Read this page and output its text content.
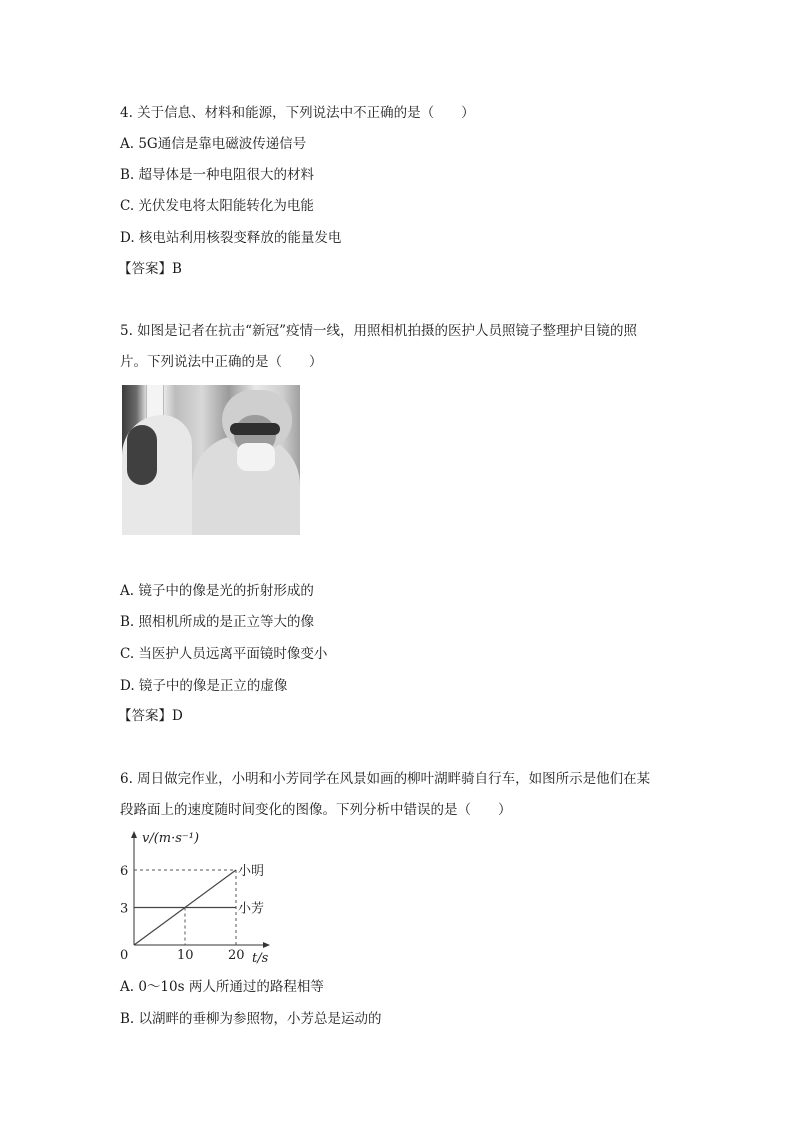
4. 关于信息、材料和能源，下列说法中不正确的是（　　）
A. 5G通信是靠电磁波传递信号
B. 超导体是一种电阻很大的材料
C. 光伏发电将太阳能转化为电能
D. 核电站利用核裂变释放的能量发电
【答案】B
5. 如图是记者在抗击“新冠”疫情一线，用照相机拍摄的医护人员照镜子整理护目镜的照
片。下列说法中正确的是（　　）
A. 镜子中的像是光的折射形成的
B. 照相机所成的是正立等大的像
C. 当医护人员远离平面镜时像变小
D. 镜子中的像是正立的虚像
【答案】D
6. 周日做完作业，小明和小芳同学在风景如画的柳叶湖畔骑自行车，如图所示是他们在某
段路面上的速度随时间变化的图像。下列分析中错误的是（　　）
v/(m·s⁻¹)
t/s
0
3
6
10	20
小明
小芳
A. 0～10s 两人所通过的路程相等
B. 以湖畔的垂柳为参照物，小芳总是运动的
